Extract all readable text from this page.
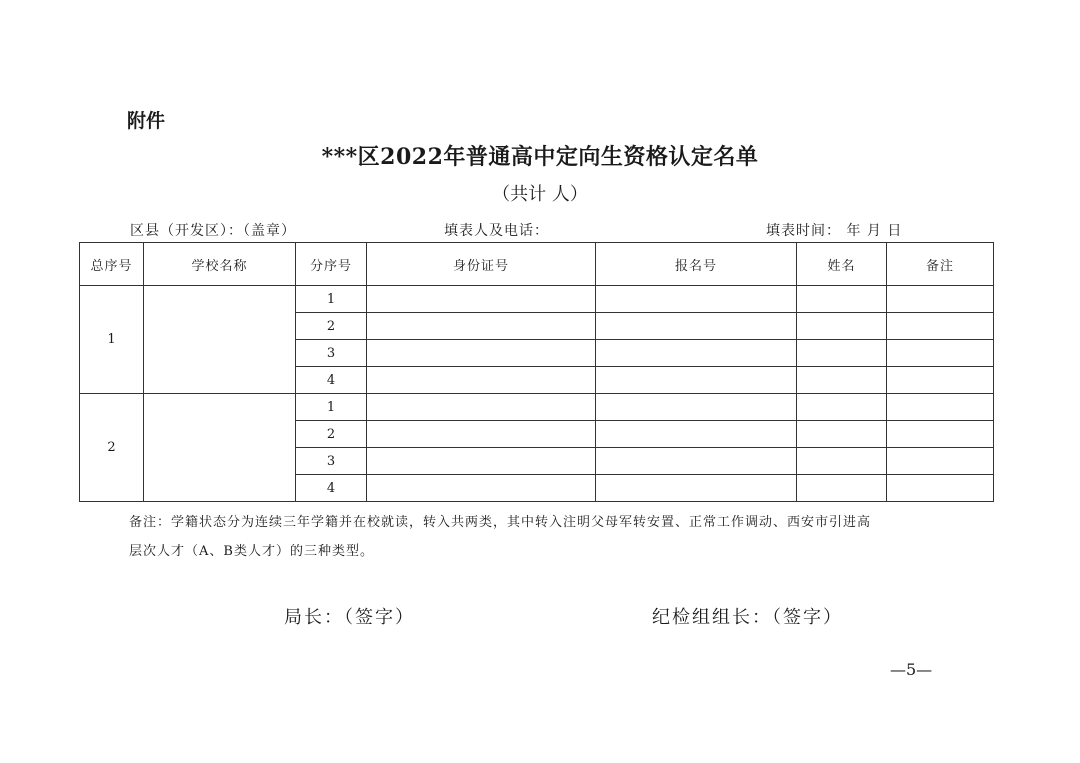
附件
***区2022年普通高中定向生资格认定名单
（共计 人）
区县（开发区）：（盖章）	填表人及电话：	填表时间： 年 月 日
总序号	学校名称	分序号	身份证号	报名号	姓名	备注
1		1				
		2				
		3				
		4				
2		1				
		2				
		3				
		4				
备注：学籍状态分为连续三年学籍并在校就读，转入共两类，其中转入注明父母军转安置、正常工作调动、西安市引进高
层次人才（A、B类人才）的三种类型。
局长：（签字）	纪检组组长：（签字）
—5—
